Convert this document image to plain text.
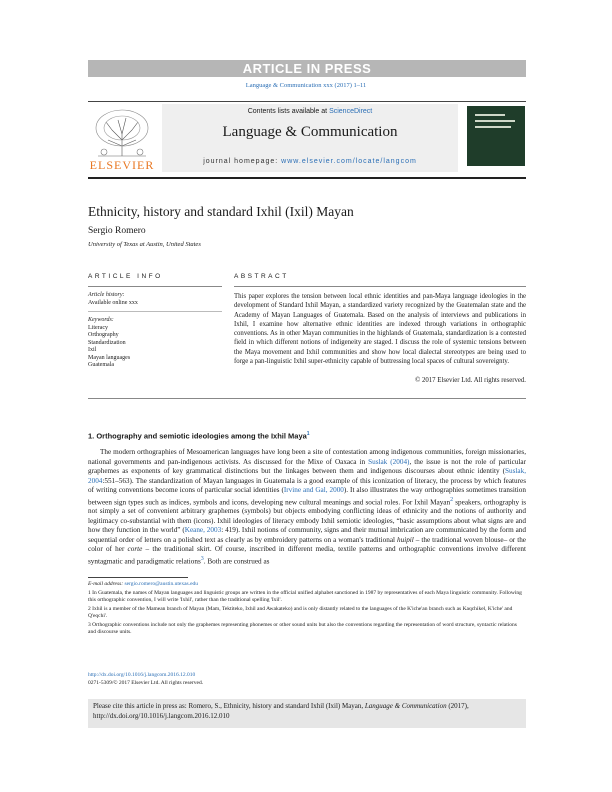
ARTICLE IN PRESS
Language & Communication xxx (2017) 1–11
ELSEVIER
Contents lists available at ScienceDirect
Language & Communication
journal homepage: www.elsevier.com/locate/langcom
Ethnicity, history and standard Ixhil (Ixil) Mayan
Sergio Romero
University of Texas at Austin, United States
ARTICLE INFO	ABSTRACT
Article history:
Available online xxx
Keywords:
Literacy
Orthography
Standardization
Ixil
Mayan languages
Guatemala
This paper explores the tension between local ethnic identities and pan-Maya language ideologies in the development of Standard Ixhil Mayan, a standardized variety recognized by the Guatemalan state and the Academy of Mayan Languages of Guatemala. Based on the analysis of interviews and publications in Ixhil, I examine how alternative ethnic identities are indexed through variations in orthographic conventions. As in other Mayan communities in the highlands of Guatemala, standardization is a contested field in which different notions of indigeneity are staged. I discuss the role of systemic tensions between the Maya movement and Ixhil communities and show how local dialectal stereotypes are being used to forge a pan-linguistic Ixhil super-ethnicity capable of buttressing local spaces of cultural sovereignty.
© 2017 Elsevier Ltd. All rights reserved.
1. Orthography and semiotic ideologies among the Ixhil Maya$^1$

The modern orthographies of Mesoamerican languages have long been a site of contestation among indigenous communities, foreign missionaries, national governments and pan-indigenous activists. As discussed for the Mixe of Oaxaca in Suslak (2004), the issue is not the role of particular graphemes as exponents of key grammatical distinctions but the linkages between them and indigenous discourses about ethnic identity (Suslak, 2004:551–563). The standardization of Mayan languages in Guatemala is a good example of this iconization of literacy, the process by which features of writing conventions become icons of particular social identities (Irvine and Gal, 2000). It also illustrates the way orthographies sometimes transition between sign types such as indices, symbols and icons, developing new cultural meanings and social roles. For Ixhil Mayan$^2$ speakers, orthography is not simply a set of convenient arbitrary graphemes (symbols) but objects embodying conflicting ideas of ethnicity and the notions of authority and legitimacy co-substantial with them (icons). Ixhil ideologies of literacy embody Ixhil semiotic ideologies, “basic assumptions about what signs are and how they function in the world” (Keane, 2003: 419). Ixhil notions of community, signs and their mutual imbrication are communicated by the form and sequential order of letters on a polished text as clearly as by embroidery patterns on a woman's traditional huipil – the traditional woven blouse– or the color of her corte – the traditional skirt. Of course, inscribed in different media, textile patterns and orthographic conventions involve different syntagmatic and paradigmatic relations$^3$. Both are construed as

E-mail address: sergio.romero@austin.utexas.edu
1 In Guatemala, the names of Mayan languages and linguistic groups are written in the official unified alphabet sanctioned in 1987 by representatives of each Maya linguistic community. Following this orthographic convention, I will write 'Ixhil', rather than the traditional spelling 'Ixil'.
2 Ixhil is a member of the Mamean branch of Mayan (Mam, Tektiteko, Ixhil and Awakateko) and is only distantly related to the languages of the K'iche'an branch such as Kaqchikel, K'iche' and Q'eqchi'.
3 Orthographic conventions include not only the graphemes representing phonemes or other sound units but also the conventions regarding the representation of word structure, syntactic relations and discourse units.
http://dx.doi.org/10.1016/j.langcom.2016.12.010
0271-5309/© 2017 Elsevier Ltd. All rights reserved.
Please cite this article in press as: Romero, S., Ethnicity, history and standard Ixhil (Ixil) Mayan, Language & Communication (2017), http://dx.doi.org/10.1016/j.langcom.2016.12.010
